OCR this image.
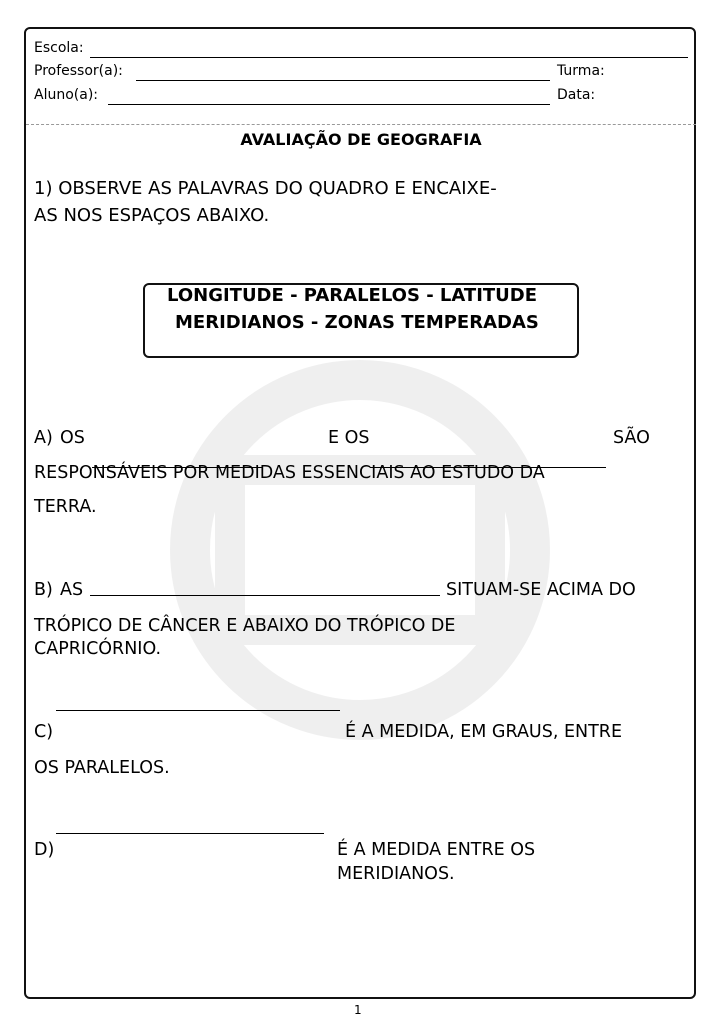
Escola:
Professor(a):	Turma:
Aluno(a):	Data:
AVALIAÇÃO DE GEOGRAFIA
1) OBSERVE AS PALAVRAS DO QUADRO E ENCAIXE-
AS NOS ESPAÇOS ABAIXO.
LONGITUDE - PARALELOS - LATITUDE
MERIDIANOS - ZONAS TEMPERADAS
A) OS	E OS	SÃO
RESPONSÁVEIS POR MEDIDAS ESSENCIAIS AO ESTUDO DA
TERRA.
B) AS	SITUAM-SE ACIMA DO
TRÓPICO DE CÂNCER E ABAIXO DO TRÓPICO DE
CAPRICÓRNIO.
C)	É A MEDIDA, EM GRAUS, ENTRE
OS PARALELOS.
D)	É A MEDIDA ENTRE OS
MERIDIANOS.
1
